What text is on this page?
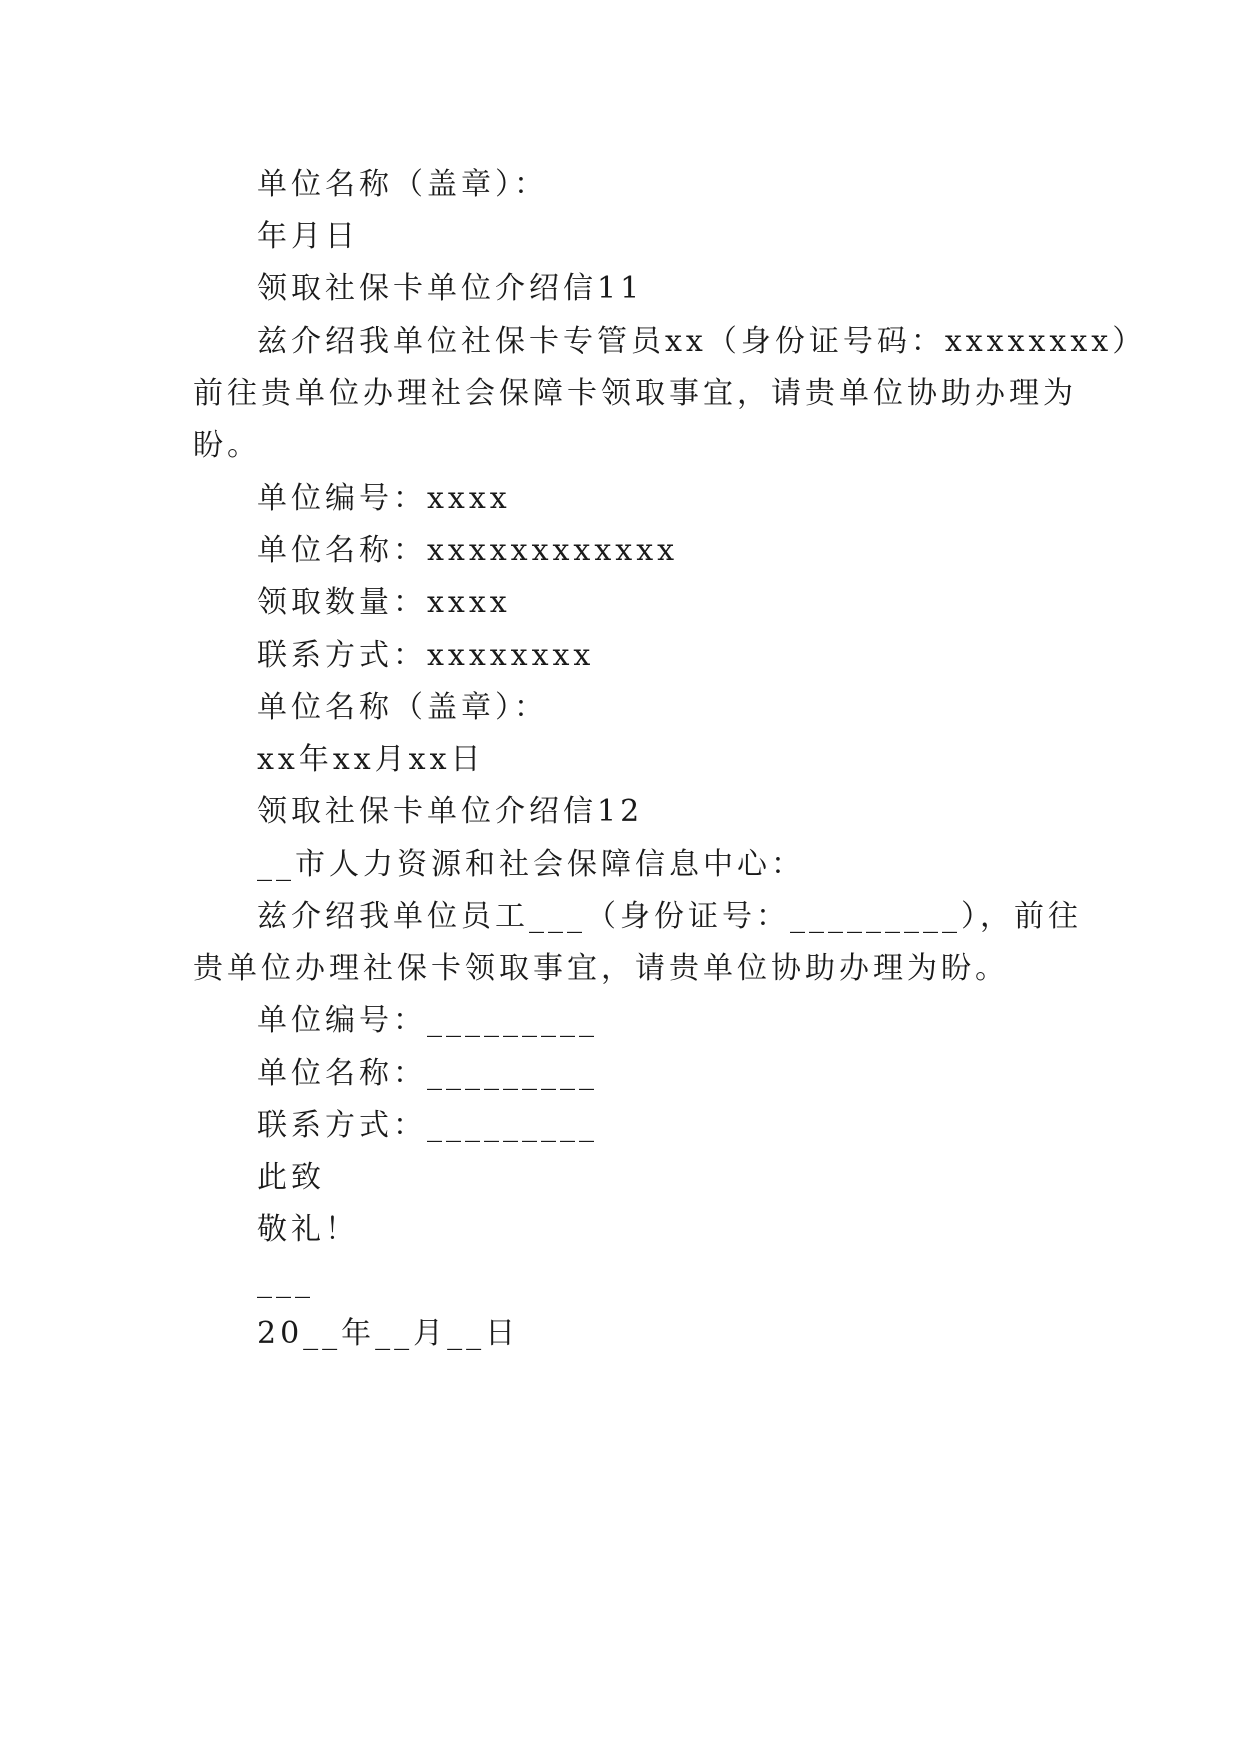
单位名称（盖章）：
年月日
领取社保卡单位介绍信11
兹介绍我单位社保卡专管员xx（身份证号码：xxxxxxxx）
前往贵单位办理社会保障卡领取事宜，请贵单位协助办理为
盼。
单位编号：xxxx
单位名称：xxxxxxxxxxxx
领取数量：xxxx
联系方式：xxxxxxxx
单位名称（盖章）：
xx年xx月xx日
领取社保卡单位介绍信12
__市人力资源和社会保障信息中心：
兹介绍我单位员工___（身份证号：_________），前往
贵单位办理社保卡领取事宜，请贵单位协助办理为盼。
单位编号：_________
单位名称：_________
联系方式：_________
此致
敬礼！
___
20__年__月__日
